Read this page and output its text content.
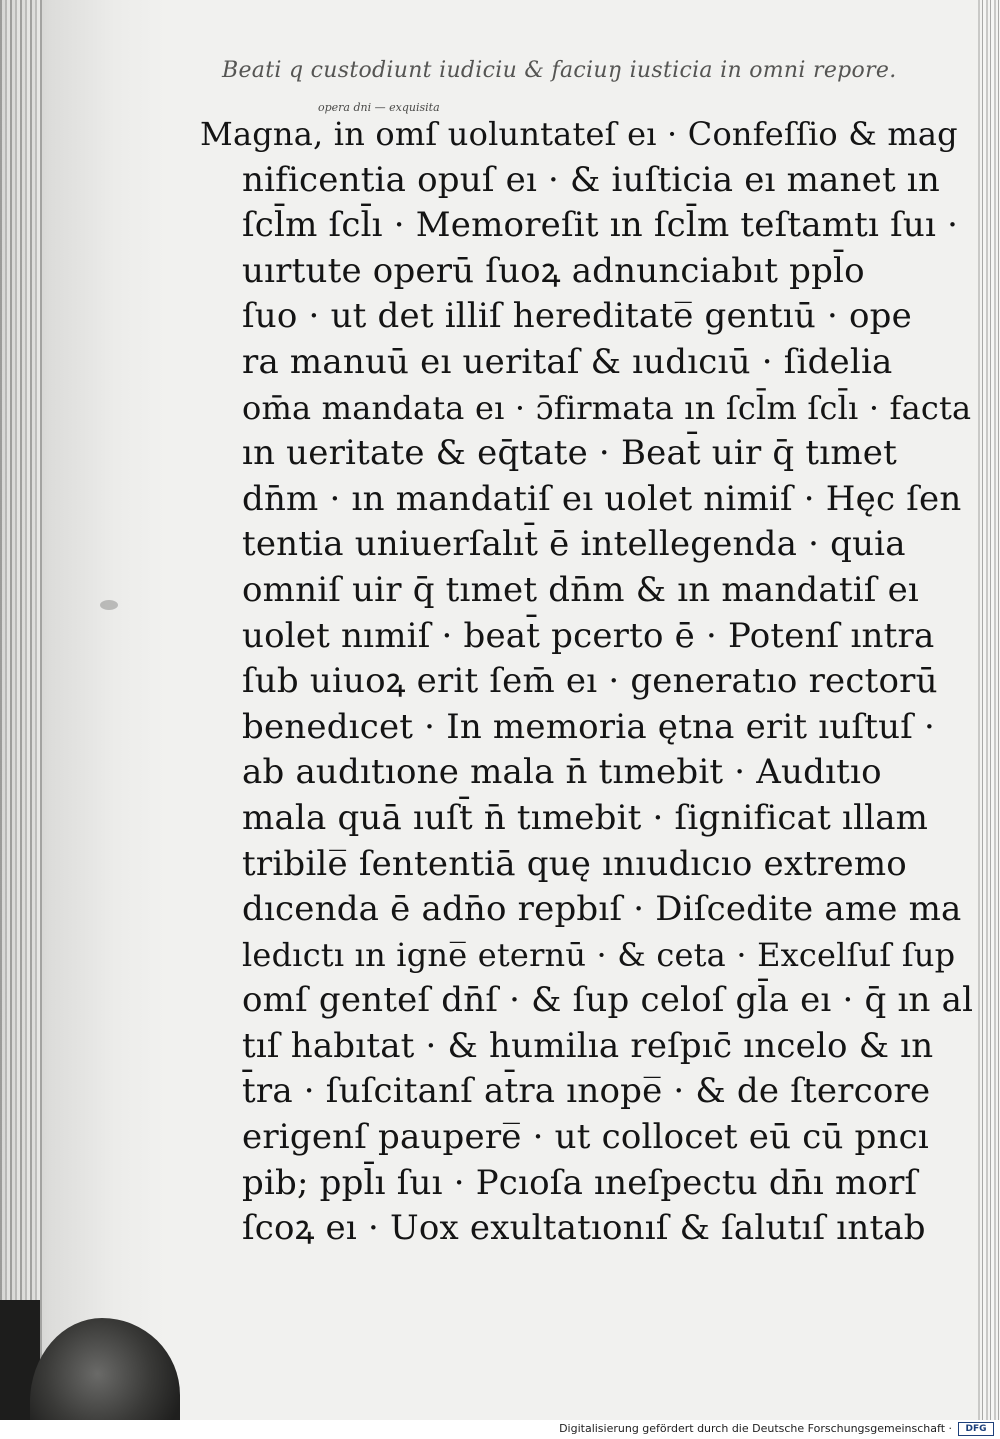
Beati q custodiunt iudiciu & faciuŋ iusticia in omni repore.
opera dni — exquisita
Magna, in omſ uoluntateſ eı · Confeſſio & mag
nificentia opuſ eı · & iuſticia eı manet ın
ſcl̄m ſcl̄ı · Memoreſit ın ſcl̄m teſtamtı ſuı ·
uırtute operū ſuoꝝ adnunciabıt ppl̄o
ſuo · ut det illiſ hereditate̅ gentıū · ope
ra manuū eı ueritaſ & ıudıcıū · ſidelia
om̄a mandata eı · ɔ̄firmata ın ſcl̄m ſcl̄ı · facta
ın ueritate & eq̄tate · Beat̄ uir q̄ tımet
dn̄m · ın mandatiſ eı uolet nimiſ · Hęc ſen
tentia uniuerſalıt̄ ē intellegenda · quia
omniſ uir q̄ tımet dn̄m & ın mandatiſ eı
uolet nımiſ · beat̄ pcerto ē · Potenſ ıntra
ſub uiuoꝝ erit ſem̄ eı · generatıo rectorū
benedıcet · In memoria ętna erit ıuſtuſ ·
ab audıtıone mala n̄ tımebit · Audıtıo
mala quā ıuſt̄ n̄ tımebit · ſignificat ıllam
tribile̅ ſententiā quę ınıudıcıo extremo
dıcenda ē adn̄o repbıſ · Diſcedite ame ma
ledıctı ın igne̅ eternū · & ceta · Excelſuſ ſup
omſ genteſ dn̄ſ · & ſup celoſ gl̄a eı · q̄ ın al
tıſ habıtat · & humilıa reſpıc̄ ıncelo & ın
t̄ra · ſuſcitanſ at̄ra ınope̅ · & de ſtercore
erigenſ paupere̅ · ut collocet eū cū pncı
pib; ppl̄ı ſuı · Pcıoſa ıneſpectu dn̄ı morſ
ſcoꝝ eı · Uox exultatıonıſ & ſalutıſ ıntab
Digitalisierung gefördert durch die Deutsche Forschungsgemeinschaft ·	DFG
